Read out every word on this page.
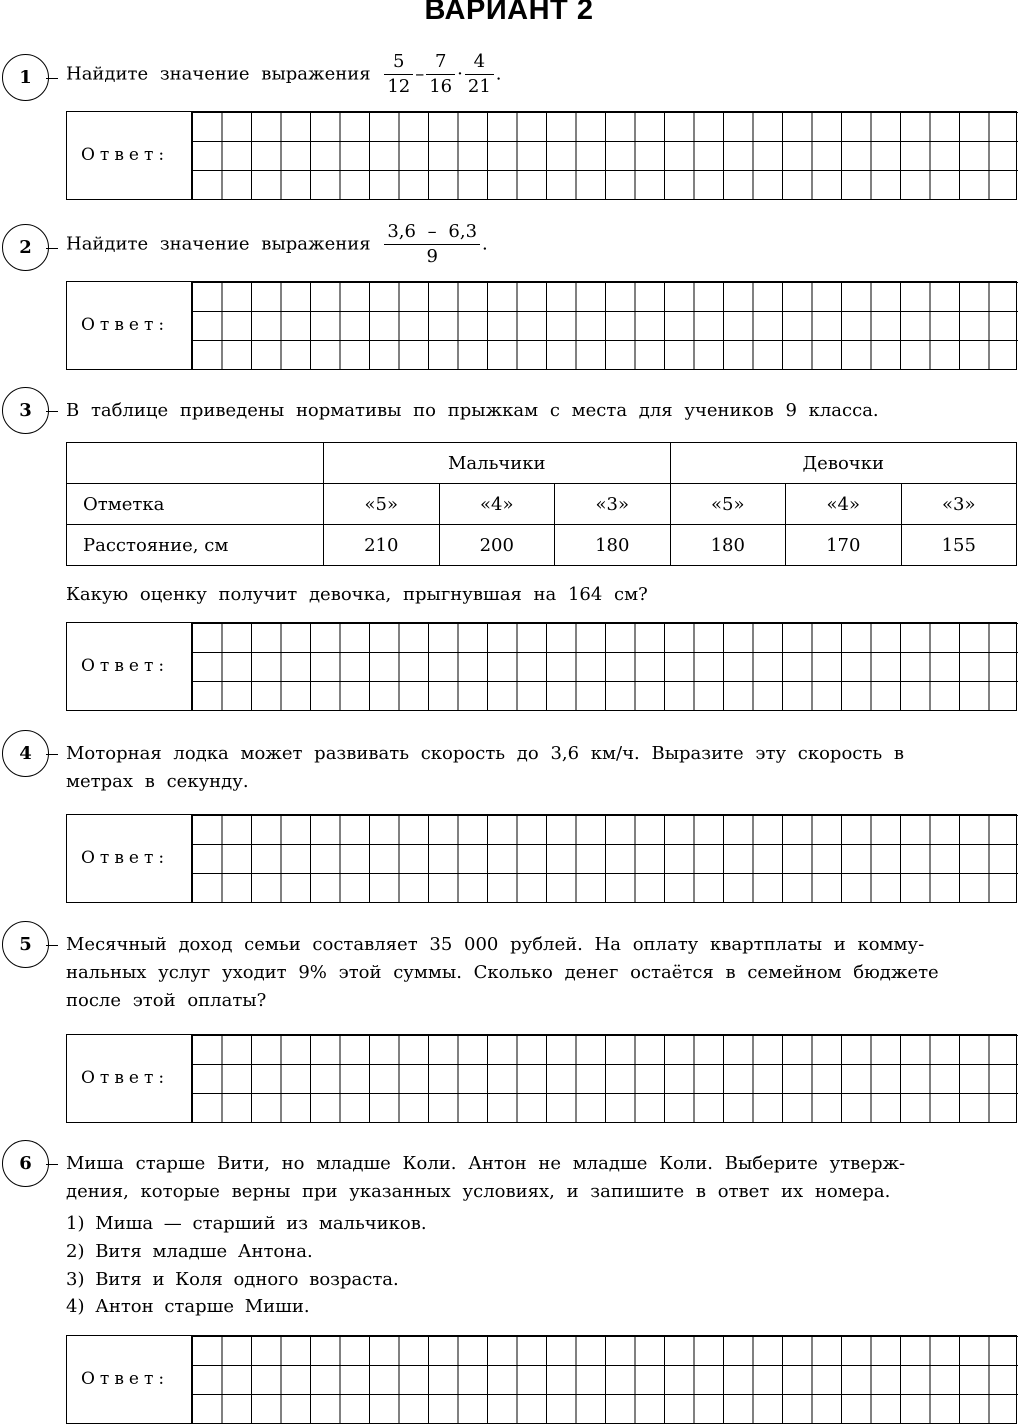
ВАРИАНТ 2
1	Найдите значение выражения $\frac{5}{12} - \frac{7}{16} \cdot \frac{4}{21}$ .

Ответ:
2	Найдите значение выражения $\frac{3,6 - 6,3}{9}$ .

Ответ:
3	В таблице приведены нормативы по прыжкам с места для учеников 9 класса.

	Мальчики			Девочки		
Отметка	«5»	«4»	«3»	«5»	«4»	«3»
Расстояние, см	210	200	180	180	170	155

Какую оценку получит девочка, прыгнувшая на 164 см?

Ответ:
4	Моторная лодка может развивать скорость до 3,6 км/ч. Выразите эту скорость в
метрах в секунду.

Ответ:
5	Месячный доход семьи составляет 35 000 рублей. На оплату квартплаты и комму-
нальных услуг уходит 9% этой суммы. Сколько денег остаётся в семейном бюджете
после этой оплаты?

Ответ:
6	Миша старше Вити, но младше Коли. Антон не младше Коли. Выберите утверж-
дения, которые верны при указанных условиях, и запишите в ответ их номера.

1) Миша — старший из мальчиков.
2) Витя младше Антона.
3) Витя и Коля одного возраста.
4) Антон старше Миши.
Ответ:
